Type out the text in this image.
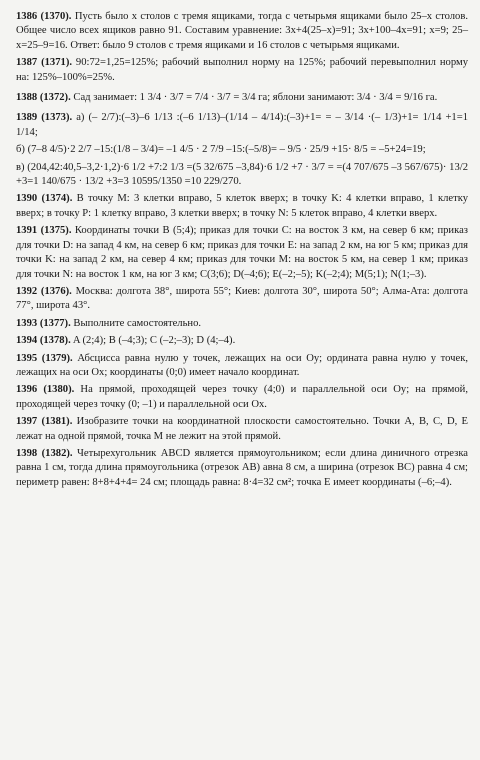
1386 (1370). Пусть было x столов с тремя ящиками, тогда с четырьмя ящиками было 25–x столов. Общее число всех ящиков равно 91. Составим уравнение: 3x+4(25–x)=91; 3x+100–4x=91; x=9; 25–x=25–9=16. Ответ: было 9 столов с тремя ящиками и 16 столов с четырьмя ящиками.

1387 (1371). 90:72=1,25=125%; рабочий выполнил норму на 125%; рабочий перевыполнил норму на: 125%–100%=25%.

1388 (1372). Сад занимает: 1 3/4 · 3/7 = 7/4 · 3/7 = 3/4 га; яблони занимают: 3/4 · 3/4 = 9/16 га.

1389 (1373). а) (– 2/7):(–3)–6 1/13 :(–6 1/13)–(1/14 – 4/14):(–3)+1= = – 3/14 ·(– 1/3)+1= 1/14 +1=1 1/14;

б) (7–8 4/5)·2 2/7 –15:(1/8 – 3/4)= –1 4/5 · 2 7/9 –15:(–5/8)= – 9/5 · 25/9 +15· 8/5 = –5+24=19;

в) (204,42:40,5–3,2·1,2)·6 1/2 +7:2 1/3 =(5 32/675 –3,84)·6 1/2 +7 · 3/7 = =(4 707/675 –3 567/675)· 13/2 +3=1 140/675 · 13/2 +3=3 10595/1350 =10 229/270.

1390 (1374). В точку M: 3 клетки вправо, 5 клеток вверх; в точку K: 4 клетки вправо, 1 клетку вверх; в точку P: 1 клетку вправо, 3 клетки вверх; в точку N: 5 клеток вправо, 4 клетки вверх.

1391 (1375). Координаты точки B (5;4); приказ для точки C: на восток 3 км, на север 6 км; приказ для точки D: на запад 4 км, на север 6 км; приказ для точки E: на запад 2 км, на юг 5 км; приказ для точки K: на запад 2 км, на север 4 км; приказ для точки M: на восток 5 км, на север 1 км; приказ для точки N: на восток 1 км, на юг 3 км; C(3;6); D(–4;6); E(–2;–5); K(–2;4); M(5;1); N(1;–3).

1392 (1376). Москва: долгота 38°, широта 55°; Киев: долгота 30°, широта 50°; Алма-Ата: долгота 77°, широта 43°.

1393 (1377). Выполните самостоятельно.

1394 (1378). A (2;4); B (–4;3); C (–2;–3); D (4;–4).

1395 (1379). Абсцисса равна нулю у точек, лежащих на оси Oy; ордината равна нулю у точек, лежащих на оси Ox; координаты (0;0) имеет начало координат.

1396 (1380). На прямой, проходящей через точку (4;0) и параллельной оси Oy; на прямой, проходящей через точку (0; –1) и параллельной оси Ox.

1397 (1381). Изобразите точки на координатной плоскости самостоятельно. Точки A, B, C, D, E лежат на одной прямой, точка M не лежит на этой прямой.

1398 (1382). Четырехугольник ABCD является прямоугольником; если длина диничного отрезка равна 1 см, тогда длина прямоугольника (отрезок AB) авна 8 см, а ширина (отрезок BC) равна 4 см; периметр равен: 8+8+4+4= 24 см; площадь равна: 8·4=32 см²; точка E имеет координаты (–6;–4).
